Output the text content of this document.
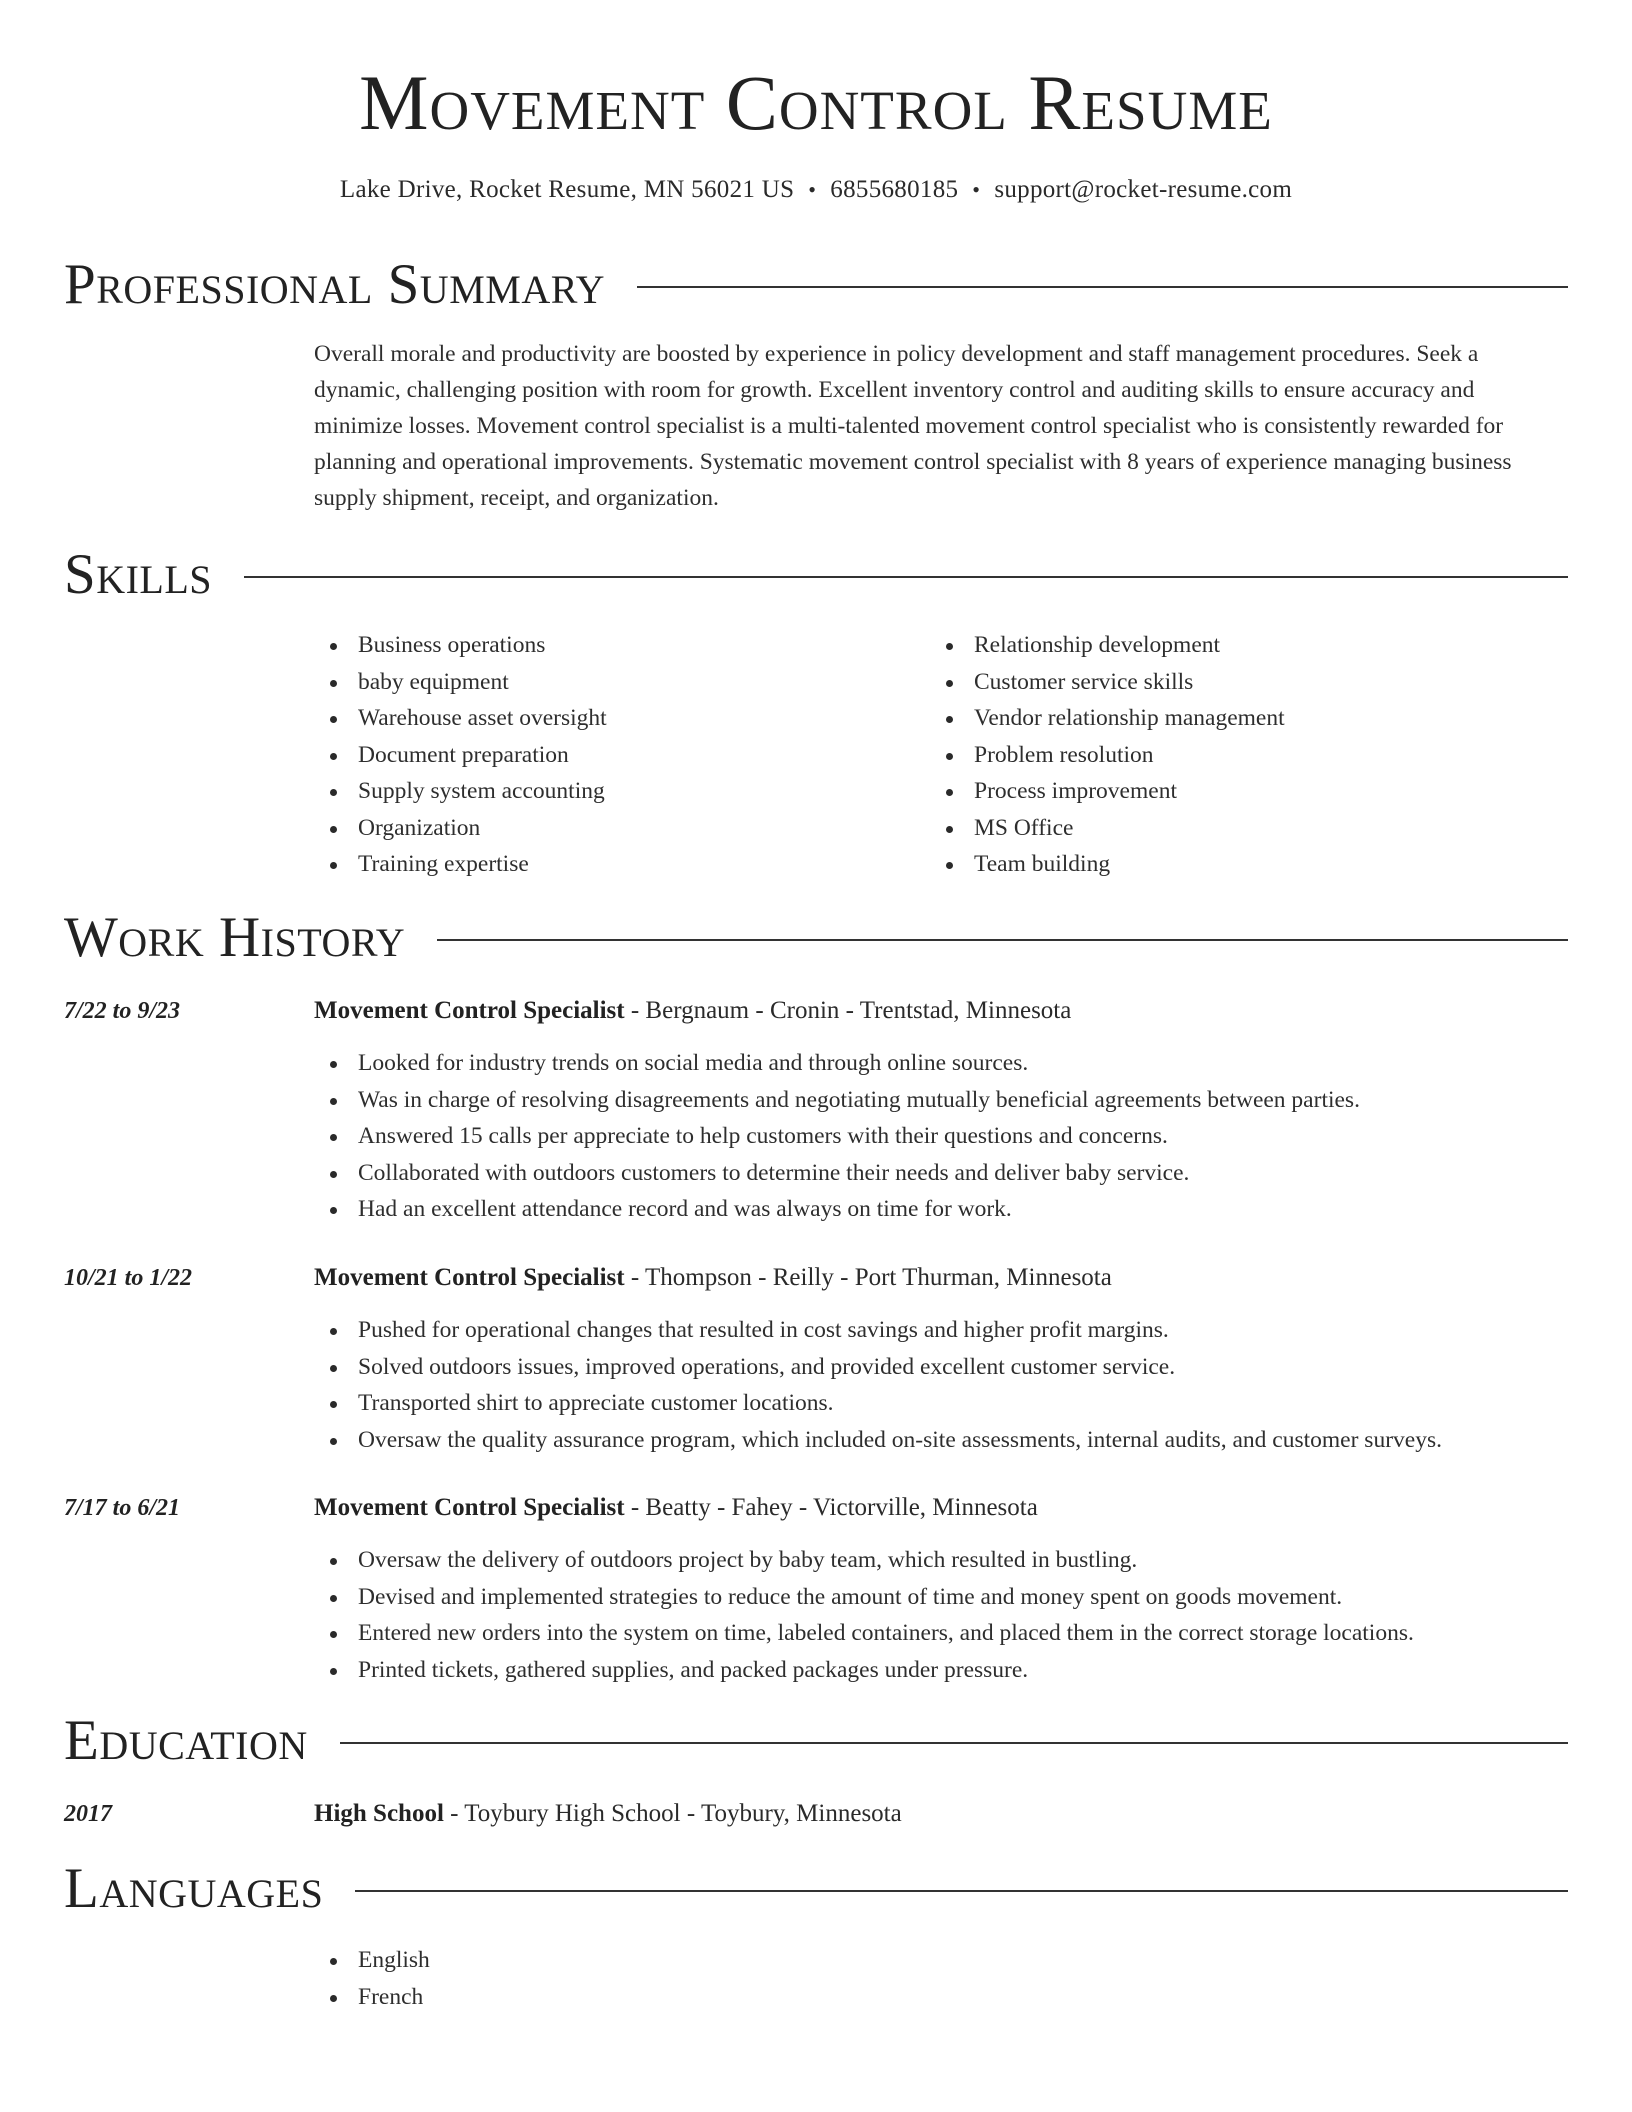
Movement Control Resume
Lake Drive, Rocket Resume, MN 56021 US • 6855680185 • support@rocket-resume.com
Professional Summary

Overall morale and productivity are boosted by experience in policy development and staff management procedures. Seek a dynamic, challenging position with room for growth. Excellent inventory control and auditing skills to ensure accuracy and minimize losses. Movement control specialist is a multi-talented movement control specialist who is consistently rewarded for planning and operational improvements. Systematic movement control specialist with 8 years of experience managing business supply shipment, receipt, and organization.

Skills
Business operations
baby equipment
Warehouse asset oversight
Document preparation
Supply system accounting
Organization
Training expertise
Relationship development
Customer service skills
Vendor relationship management
Problem resolution
Process improvement
MS Office
Team building
Work History
7/22 to 9/23	Movement Control Specialist - Bergnaum - Cronin - Trentstad, Minnesota
Looked for industry trends on social media and through online sources.
Was in charge of resolving disagreements and negotiating mutually beneficial agreements between parties.
Answered 15 calls per appreciate to help customers with their questions and concerns.
Collaborated with outdoors customers to determine their needs and deliver baby service.
Had an excellent attendance record and was always on time for work.
10/21 to 1/22	Movement Control Specialist - Thompson - Reilly - Port Thurman, Minnesota
Pushed for operational changes that resulted in cost savings and higher profit margins.
Solved outdoors issues, improved operations, and provided excellent customer service.
Transported shirt to appreciate customer locations.
Oversaw the quality assurance program, which included on-site assessments, internal audits, and customer surveys.
7/17 to 6/21	Movement Control Specialist - Beatty - Fahey - Victorville, Minnesota
Oversaw the delivery of outdoors project by baby team, which resulted in bustling.
Devised and implemented strategies to reduce the amount of time and money spent on goods movement.
Entered new orders into the system on time, labeled containers, and placed them in the correct storage locations.
Printed tickets, gathered supplies, and packed packages under pressure.
Education
2017	High School - Toybury High School - Toybury, Minnesota
Languages
English
French
